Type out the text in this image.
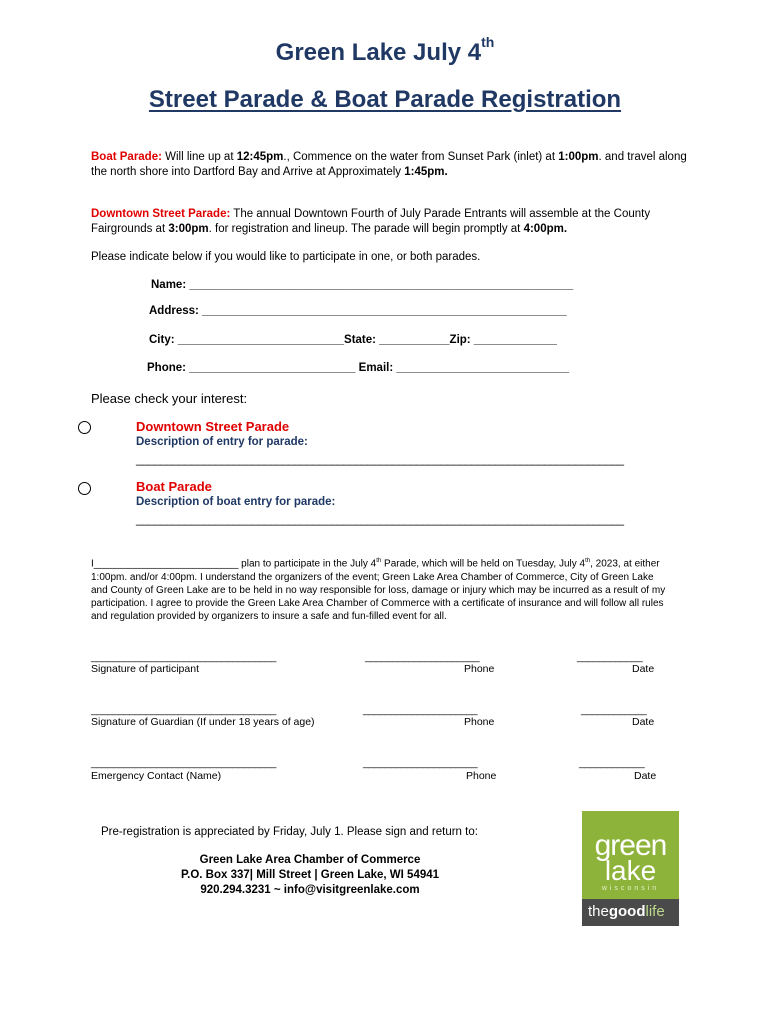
Green Lake July 4th
Street Parade & Boat Parade Registration
Boat Parade: Will line up at 12:45pm., Commence on the water from Sunset Park (inlet) at 1:00pm. and travel along the north shore into Dartford Bay and Arrive at Approximately 1:45pm.
Downtown Street Parade: The annual Downtown Fourth of July Parade Entrants will assemble at the County Fairgrounds at 3:00pm. for registration and lineup. The parade will begin promptly at 4:00pm.
Please indicate below if you would like to participate in one, or both parades.
Name: ____________________________________________________________
Address: _________________________________________________________
City: __________________________State: ___________Zip: _____________
Phone: __________________________ Email: ___________________________
Please check your interest:
Downtown Street Parade
Description of entry for parade:
________________________________________________________________________________
Boat Parade
Description of boat entry for parade:
________________________________________________________________________________
I__________________________ plan to participate in the July 4th Parade, which will be held on Tuesday, July 4th, 2023, at either 1:00pm. and/or 4:00pm. I understand the organizers of the event; Green Lake Area Chamber of Commerce, City of Green Lake and County of Green Lake are to be held in no way responsible for loss, damage or injury which may be incurred as a result of my participation. I agree to provide the Green Lake Area Chamber of Commerce with a certificate of insurance and will follow all rules and regulation provided by organizers to insure a safe and fun-filled event for all.
__________________________________	_____________________	____________
Signature of participant	Phone	Date
__________________________________	_____________________	____________
Signature of Guardian (If under 18 years of age)	Phone	Date
__________________________________	_____________________	____________
Emergency Contact (Name)	Phone	Date
Pre-registration is appreciated by Friday, July 1. Please sign and return to:
Green Lake Area Chamber of Commerce
P.O. Box 337| Mill Street | Green Lake, WI 54941
920.294.3231 ~ info@visitgreenlake.com
green
lake
wisconsin
thegoodlife
